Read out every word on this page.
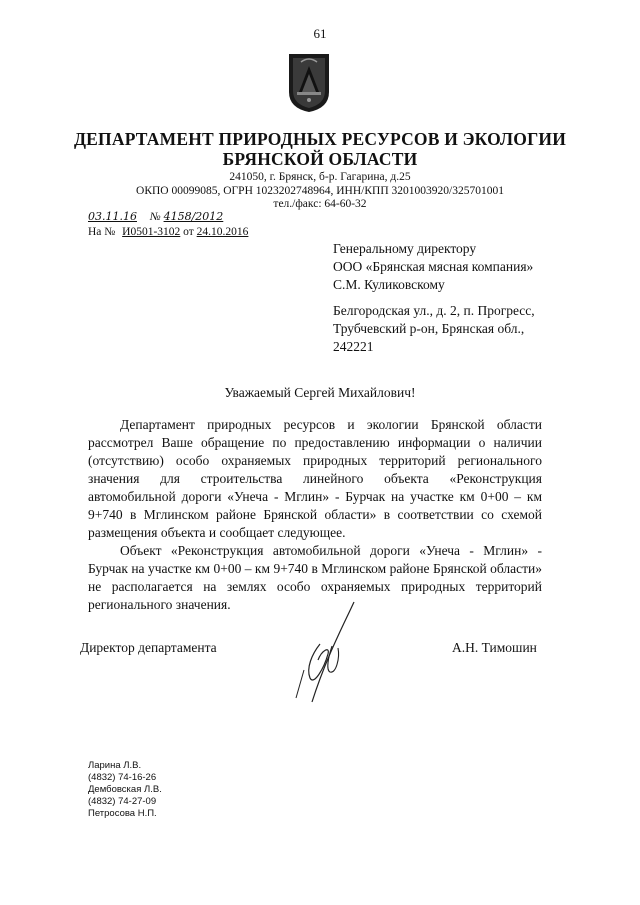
61
ДЕПАРТАМЕНТ ПРИРОДНЫХ РЕСУРСОВ И ЭКОЛОГИИ
БРЯНСКОЙ ОБЛАСТИ
241050, г. Брянск, б-р. Гагарина, д.25
ОКПО 00099085, ОГРН 1023202748964, ИНН/КПП 3201003920/325701001
тел./факс: 64-60-32
03.11.16 № 4158/2012
На № И0501-3102 от 24.10.2016
Генеральному директору
ООО «Брянская мясная компания»
С.М. Куликовскому
Белгородская ул., д. 2, п. Прогресс,
Трубчевский р-он, Брянская обл.,
242221
Уважаемый Сергей Михайлович!

Департамент природных ресурсов и экологии Брянской области рассмотрел Ваше обращение по предоставлению информации о наличии (отсутствию) особо охраняемых природных территорий регионального значения для строительства линейного объекта «Реконструкция автомобильной дороги «Унеча - Мглин» - Бурчак на участке км 0+00 – км 9+740 в Мглинском районе Брянской области» в соответствии со схемой размещения объекта и сообщает следующее.

Объект «Реконструкция автомобильной дороги «Унеча - Мглин» - Бурчак на участке км 0+00 – км 9+740 в Мглинском районе Брянской области» не располагается на землях особо охраняемых природных территорий регионального значения.

Директор департамента	А.Н. Тимошин
Ларина Л.В.
(4832) 74-16-26
Дембовская Л.В.
(4832) 74-27-09
Петросова Н.П.
